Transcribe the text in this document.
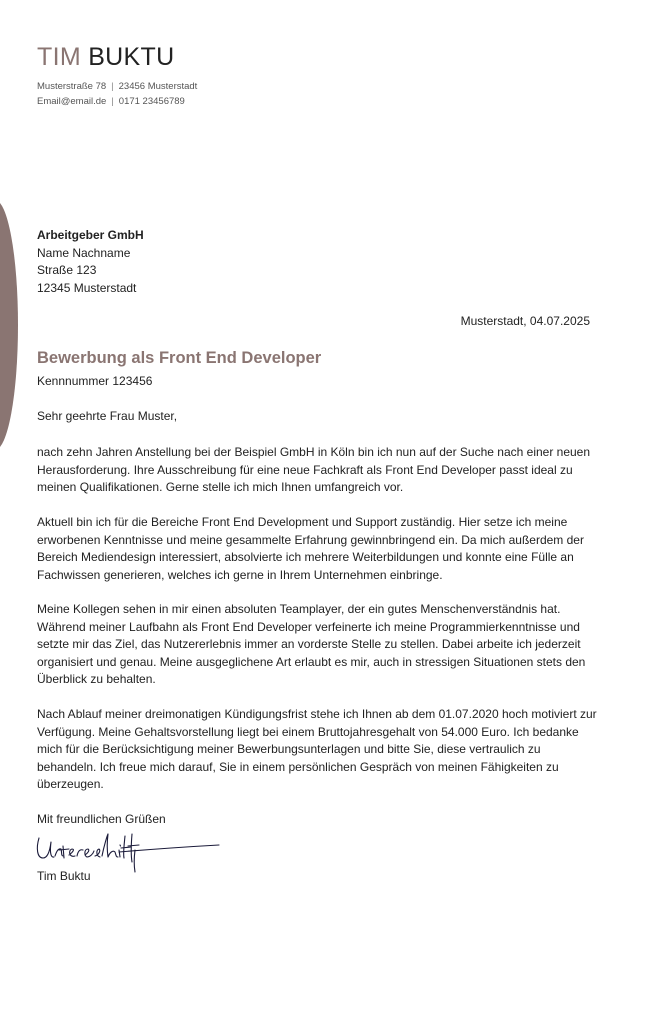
TIM BUKTU
Musterstraße 78 | 23456 Musterstadt
Email@email.de | 0171 23456789
Arbeitgeber GmbH
Name Nachname
Straße 123
12345 Musterstadt
Musterstadt, 04.07.2025
Bewerbung als Front End Developer
Kennnummer 123456
Sehr geehrte Frau Muster,

nach zehn Jahren Anstellung bei der Beispiel GmbH in Köln bin ich nun auf der Suche nach einer neuen Herausforderung. Ihre Ausschreibung für eine neue Fachkraft als Front End Developer passt ideal zu meinen Qualifikationen. Gerne stelle ich mich Ihnen umfangreich vor.

Aktuell bin ich für die Bereiche Front End Development und Support zuständig. Hier setze ich meine erworbenen Kenntnisse und meine gesammelte Erfahrung gewinnbringend ein. Da mich außerdem der Bereich Mediendesign interessiert, absolvierte ich mehrere Weiterbildungen und konnte eine Fülle an Fachwissen generieren, welches ich gerne in Ihrem Unternehmen einbringe.

Meine Kollegen sehen in mir einen absoluten Teamplayer, der ein gutes Menschenverständnis hat. Während meiner Laufbahn als Front End Developer verfeinerte ich meine Programmierkenntnisse und setzte mir das Ziel, das Nutzererlebnis immer an vorderste Stelle zu stellen. Dabei arbeite ich jederzeit organisiert und genau. Meine ausgeglichene Art erlaubt es mir, auch in stressigen Situationen stets den Überblick zu behalten.

Nach Ablauf meiner dreimonatigen Kündigungsfrist stehe ich Ihnen ab dem 01.07.2020 hoch motiviert zur Verfügung. Meine Gehaltsvorstellung liegt bei einem Bruttojahresgehalt von 54.000 Euro. Ich bedanke mich für die Berücksichtigung meiner Bewerbungsunterlagen und bitte Sie, diese vertraulich zu behandeln. Ich freue mich darauf, Sie in einem persönlichen Gespräch von meinen Fähigkeiten zu überzeugen.

Mit freundlichen Grüßen
Tim Buktu
